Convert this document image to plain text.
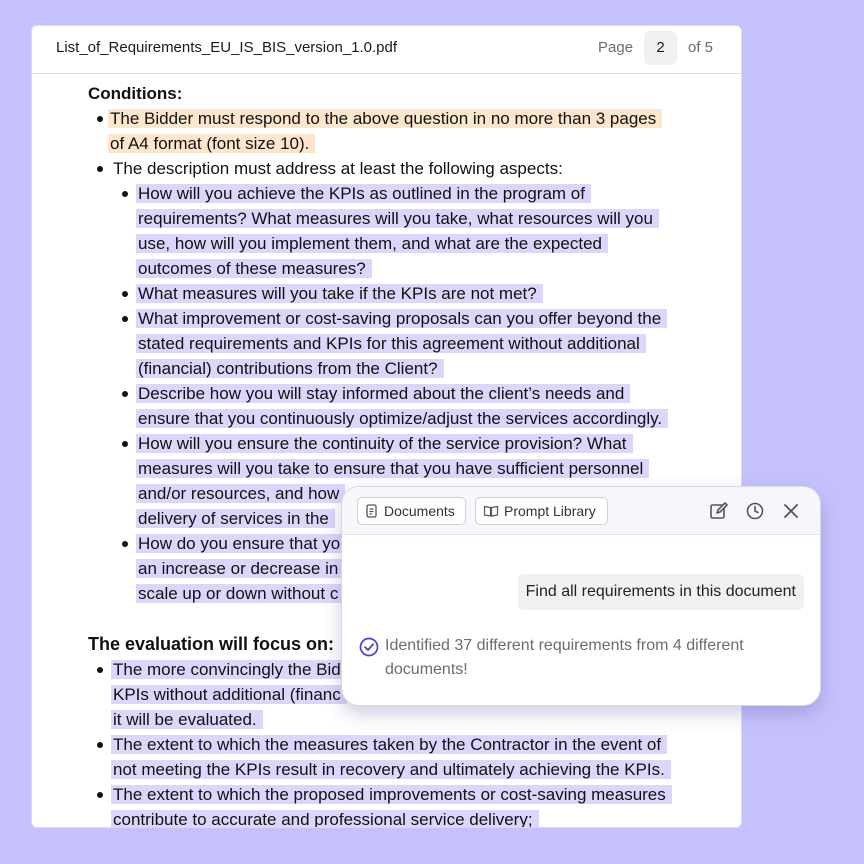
List_of_Requirements_EU_IS_BIS_version_1.0.pdf	Page	2	of 5
Conditions:
The Bidder must respond to the above question in no more than 3 pages
of A4 format (font size 10).
The description must address at least the following aspects:
How will you achieve the KPIs as outlined in the program of
requirements? What measures will you take, what resources will you
use, how will you implement them, and what are the expected
outcomes of these measures?
What measures will you take if the KPIs are not met?
What improvement or cost-saving proposals can you offer beyond the
stated requirements and KPIs for this agreement without additional
(financial) contributions from the Client?
Describe how you will stay informed about the client’s needs and
ensure that you continuously optimize/adjust the services accordingly.
How will you ensure the continuity of the service provision? What
measures will you take to ensure that you have sufficient personnel
and/or resources, and how
delivery of services in the
How do you ensure that yo
an increase or decrease in
scale up or down without c
The evaluation will focus on:
The more convincingly the Bid
KPIs without additional (financ
it will be evaluated.
The extent to which the measures taken by the Contractor in the event of
not meeting the KPIs result in recovery and ultimately achieving the KPIs.
The extent to which the proposed improvements or cost-saving measures
contribute to accurate and professional service delivery;
Documents	Prompt Library
Find all requirements in this document
Identified 37 different requirements from 4 different documents!
